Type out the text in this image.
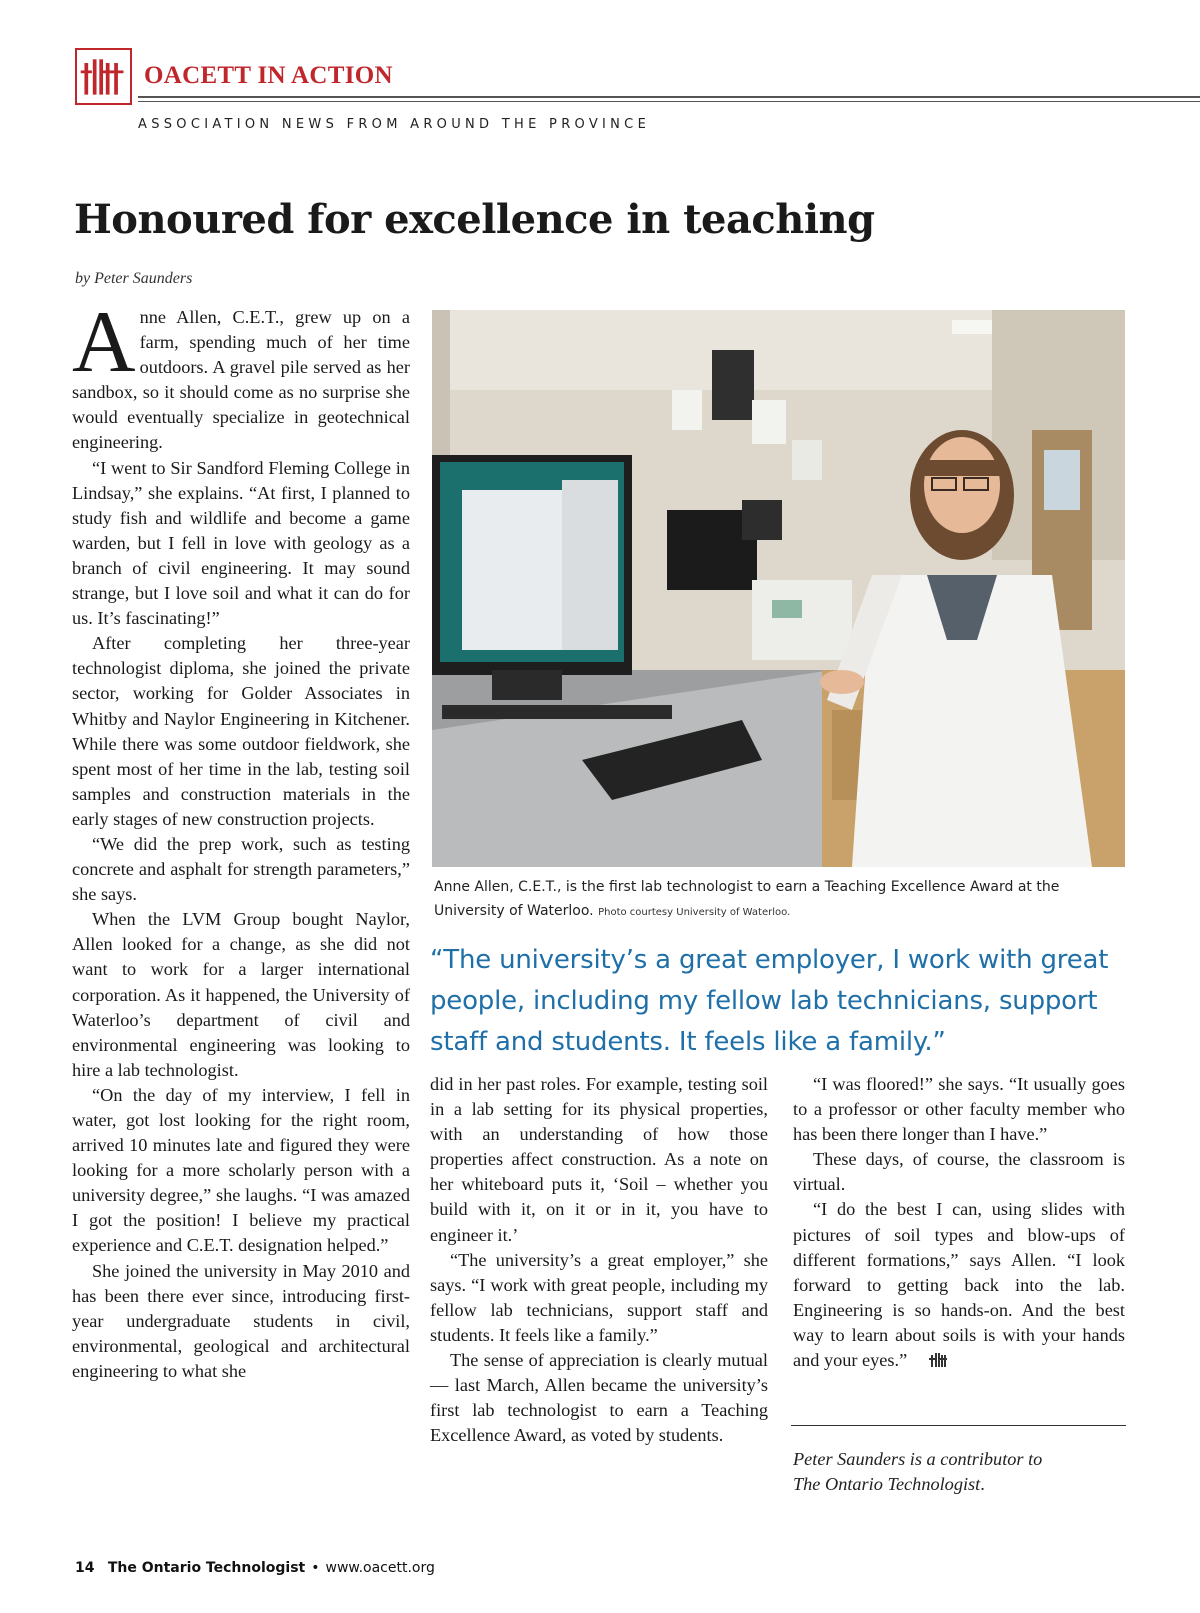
OACETT IN ACTION
ASSOCIATION NEWS FROM AROUND THE PROVINCE
Honoured for excellence in teaching
by Peter Saunders

Anne Allen, C.E.T., grew up on a farm, spending much of her time outdoors. A gravel pile served as her sandbox, so it should come as no surprise she would eventually specialize in geotechnical engineering.

“I went to Sir Sandford Fleming College in Lindsay,” she explains. “At first, I planned to study fish and wildlife and become a game warden, but I fell in love with geology as a branch of civil engineering. It may sound strange, but I love soil and what it can do for us. It’s fascinating!”

After completing her three-year technologist diploma, she joined the private sector, working for Golder Associates in Whitby and Naylor Engineering in Kitchener. While there was some outdoor fieldwork, she spent most of her time in the lab, testing soil samples and construction materials in the early stages of new construction projects.

“We did the prep work, such as testing concrete and asphalt for strength parameters,” she says.

When the LVM Group bought Naylor, Allen looked for a change, as she did not want to work for a larger international corporation. As it happened, the University of Waterloo’s department of civil and environmental engineering was looking to hire a lab technologist.

“On the day of my interview, I fell in water, got lost looking for the right room, arrived 10 minutes late and figured they were looking for a more scholarly person with a university degree,” she laughs. “I was amazed I got the position! I believe my practical experience and C.E.T. designation helped.”

She joined the university in May 2010 and has been there ever since, introducing first-year undergraduate students in civil, environmental, geological and architectural engineering to what she

Anne Allen, C.E.T., is the first lab technologist to earn a Teaching Excellence Award at the University of Waterloo. Photo courtesy University of Waterloo.
“The university’s a great employer, I work with great people, including my fellow lab technicians, support staff and students. It feels like a family.”

did in her past roles. For example, testing soil in a lab setting for its physical properties, with an understanding of how those properties affect construction. As a note on her whiteboard puts it, ‘Soil – whether you build with it, on it or in it, you have to engineer it.’

“The university’s a great employer,” she says. “I work with great people, including my fellow lab technicians, support staff and students. It feels like a family.”

The sense of appreciation is clearly mutual — last March, Allen became the university’s first lab technologist to earn a Teaching Excellence Award, as voted by students.

“I was floored!” she says. “It usually goes to a professor or other faculty member who has been there longer than I have.”

These days, of course, the classroom is virtual.

“I do the best I can, using slides with pictures of soil types and blow-ups of different formations,” says Allen. “I look forward to getting back into the lab. Engineering is so hands-on. And the best way to learn about soils is with your hands and your eyes.”

Peter Saunders is a contributor to
The Ontario Technologist.
14 The Ontario Technologist • www.oacett.org
